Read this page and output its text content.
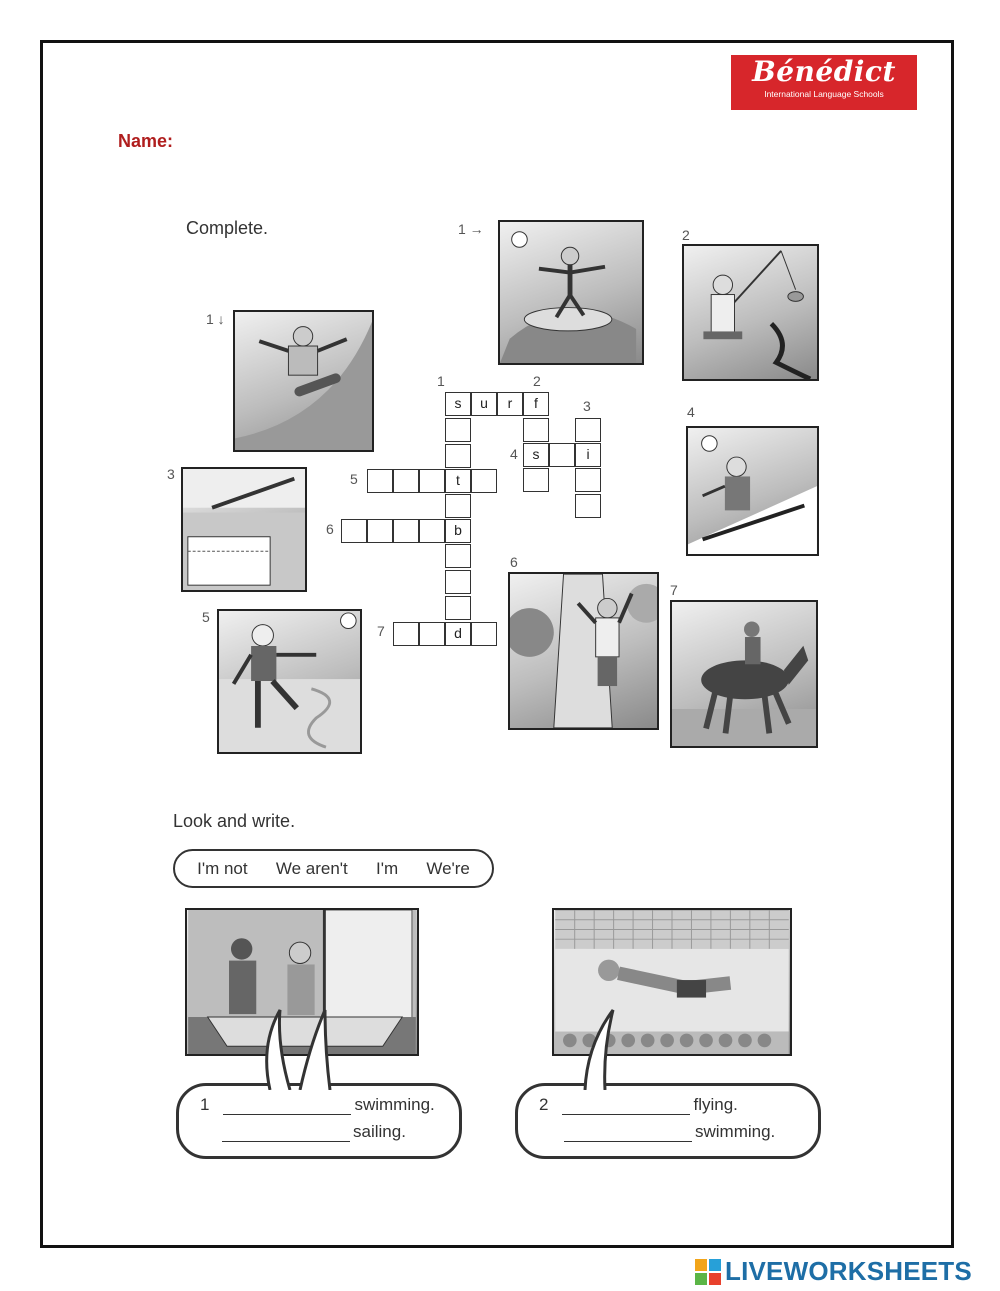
Bénédict
International Language Schools
Name:
Complete.	1 →	2
1 ↓
3
4
5
6
7
1	2
3
4
5
6
7
s	u	r	f
s	i
t
b
d
Look and write.
I'm not We aren't I'm We're
1	swimming.
sailing.
2	flying.
swimming.
LIVEWORKSHEETS
